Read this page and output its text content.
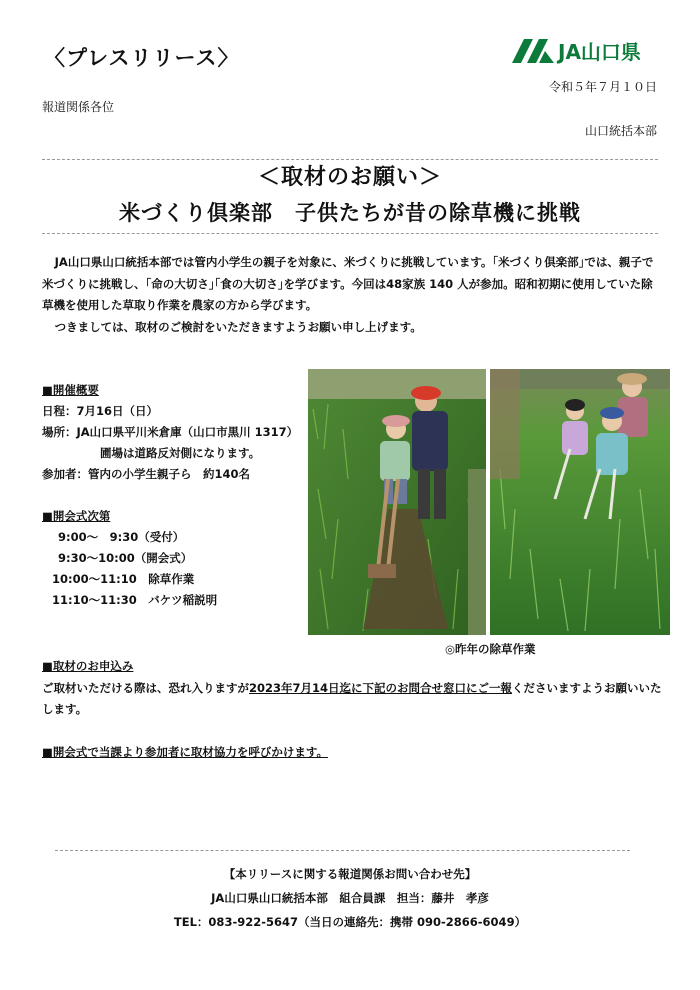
〈プレスリリース〉	JA山口県
令和５年７月１０日
報道関係各位
山口統括本部
＜取材のお願い＞
米づくり倶楽部　子供たちが昔の除草機に挑戦

JA山口県山口統括本部では管内小学生の親子を対象に、米づくりに挑戦しています。｢米づくり倶楽部｣では、親子で米づくりに挑戦し、｢命の大切さ｣｢食の大切さ｣を学びます。今回は48家族 140 人が参加。昭和初期に使用していた除草機を使用した草取り作業を農家の方から学びます。

つきましては、取材のご検討をいただきますようお願い申し上げます。

■開催概要
日程：7月16日（日）
場所：JA山口県平川米倉庫（山口市黒川 1317）
圃場は道路反対側になります。
参加者：管内の小学生親子ら　約140名
■開会式次第
9:00～　9:30（受付）
9:30～10:00（開会式）
10:00～11:10　除草作業
11:10～11:30　バケツ稲説明
◎昨年の除草作業
■取材のお申込み
ご取材いただける際は、恐れ入りますが2023年7月14日迄に下記のお問合せ窓口にご一報くださいますようお願いいたします。
■開会式で当課より参加者に取材協力を呼びかけます。
【本リリースに関する報道関係お問い合わせ先】
JA山口県山口統括本部　組合員課　担当：藤井　孝彦
TEL：083-922-5647（当日の連絡先：携帯 090-2866-6049）
